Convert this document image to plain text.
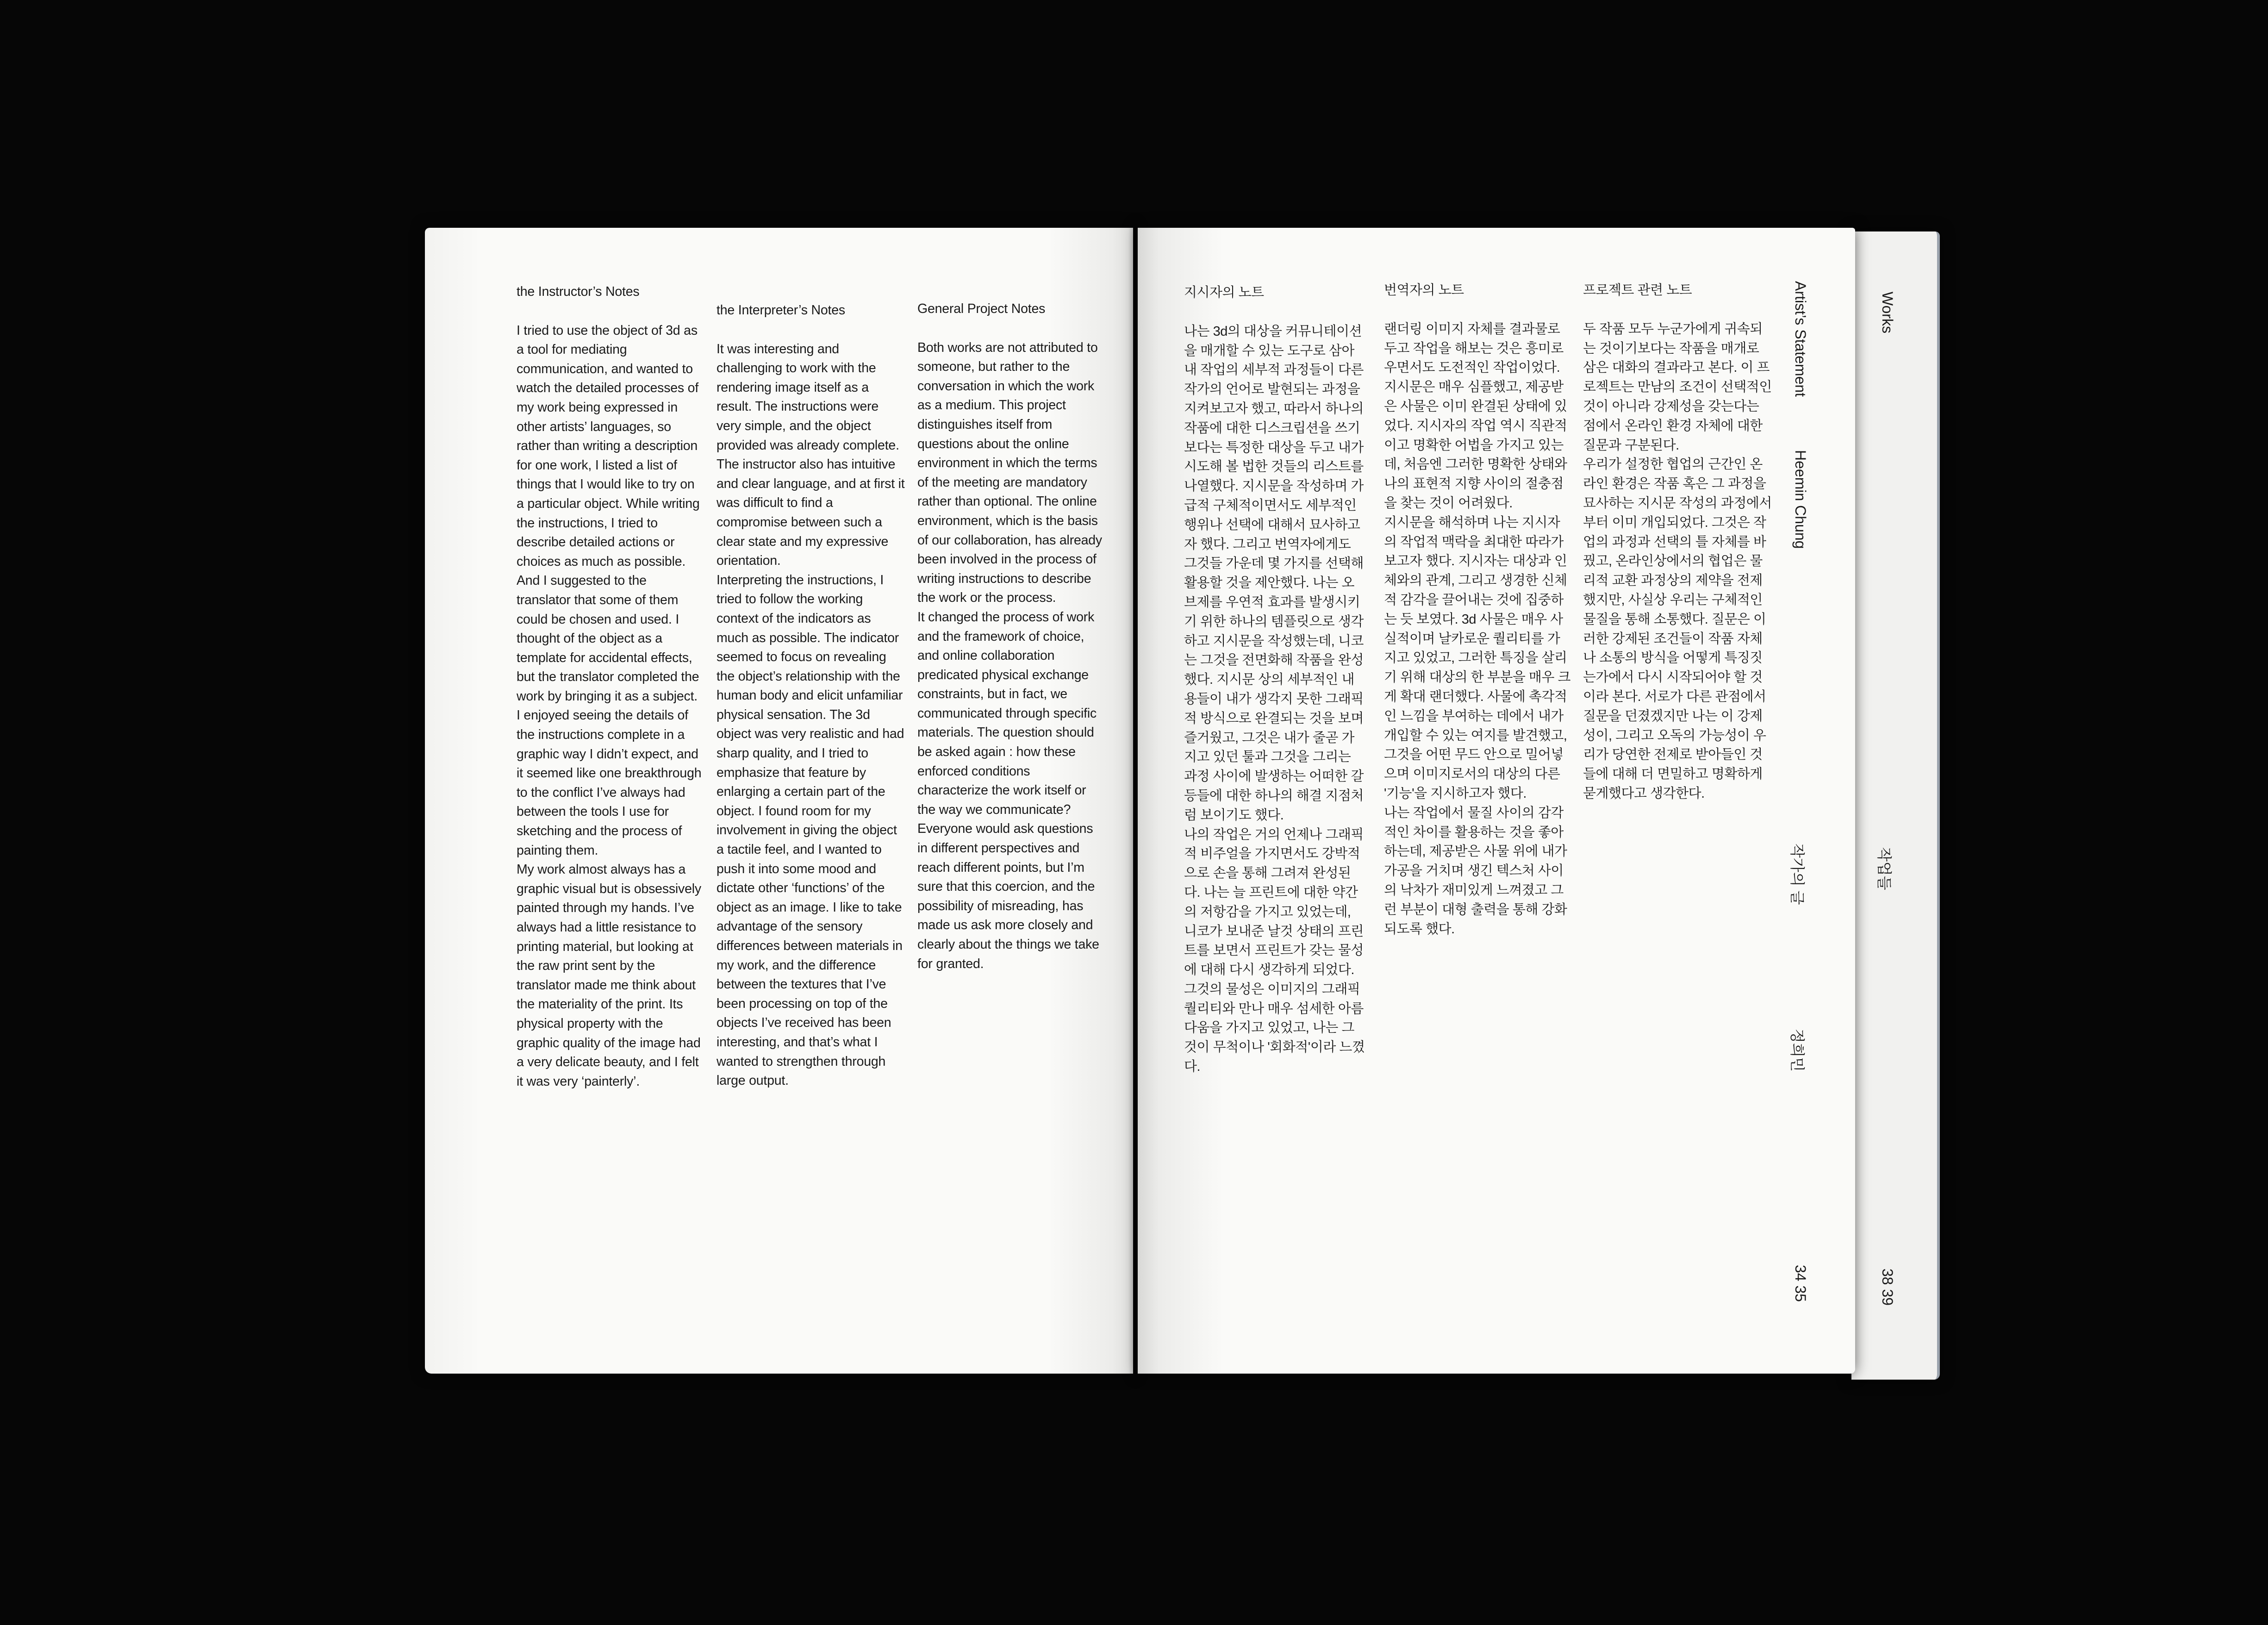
Works
작업들
38 39
the Instructor’s Notes

I tried to use the object of 3d as a tool for mediating communication, and wanted to watch the detailed processes of my work being expressed in other artists’ languages, so rather than writing a description for one work, I listed a list of things that I would like to try on a particular object. While writing the instructions, I tried to describe detailed actions or choices as much as possible. And I suggested to the translator that some of them could be chosen and used. I thought of the object as a template for accidental effects, but the translator completed the work by bringing it as a subject. I enjoyed seeing the details of the instructions complete in a graphic way I didn’t expect, and it seemed like one breakthrough to the conflict I’ve always had between the tools I use for sketching and the process of painting them.

My work almost always has a graphic visual but is obsessively painted through my hands. I’ve always had a little resistance to printing material, but looking at the raw print sent by the translator made me think about the materiality of the print. Its physical property with the graphic quality of the image had a very delicate beauty, and I felt it was very ‘painterly’.

the Interpreter’s Notes

It was interesting and challenging to work with the rendering image itself as a result. The instructions were very simple, and the object provided was already complete. The instructor also has intuitive and clear language, and at first it was difficult to find a compromise between such a clear state and my expressive orientation.

Interpreting the instructions, I tried to follow the working context of the indicators as much as possible. The indicator seemed to focus on revealing the object’s relationship with the human body and elicit unfamiliar physical sensation. The 3d object was very realistic and had sharp quality, and I tried to emphasize that feature by enlarging a certain part of the object. I found room for my involvement in giving the object a tactile feel, and I wanted to push it into some mood and dictate other ‘functions’ of the object as an image. I like to take advantage of the sensory differences between materials in my work, and the difference between the textures that I’ve been processing on top of the objects I’ve received has been interesting, and that’s what I wanted to strengthen through large output.

General Project Notes

Both works are not attributed to someone, but rather to the conversation in which the work as a medium. This project distinguishes itself from questions about the online environment in which the terms of the meeting are mandatory rather than optional. The online environment, which is the basis of our collaboration, has already been involved in the process of writing instructions to describe the work or the process.

It changed the process of work and the framework of choice, and online collaboration predicated physical exchange constraints, but in fact, we communicated through specific materials. The question should be asked again : how these enforced conditions characterize the work itself or the way we communicate? Everyone would ask questions in different perspectives and reach different points, but I’m sure that this coercion, and the possibility of misreading, has made us ask more closely and clearly about the things we take for granted.

지시자의 노트

나는 3d의 대상을 커뮤니테이션을 매개할 수 있는 도구로 삼아 내 작업의 세부적 과정들이 다른 작가의 언어로 발현되는 과정을 지켜보고자 했고, 따라서 하나의 작품에 대한 디스크립션을 쓰기 보다는 특정한 대상을 두고 내가 시도해 볼 법한 것들의 리스트를 나열했다. 지시문을 작성하며 가급적 구체적이면서도 세부적인 행위나 선택에 대해서 묘사하고자 했다. 그리고 번역자에게도 그것들 가운데 몇 가지를 선택해 활용할 것을 제안했다. 나는 오브제를 우연적 효과를 발생시키기 위한 하나의 템플릿으로 생각하고 지시문을 작성했는데, 니코는 그것을 전면화해 작품을 완성했다. 지시문 상의 세부적인 내용들이 내가 생각지 못한 그래픽적 방식으로 완결되는 것을 보며 즐거웠고, 그것은 내가 줄곧 가지고 있던 툴과 그것을 그리는 과정 사이에 발생하는 어떠한 갈등들에 대한 하나의 해결 지점처럼 보이기도 했다.

나의 작업은 거의 언제나 그래픽적 비주얼을 가지면서도 강박적으로 손을 통해 그려져 완성된다. 나는 늘 프린트에 대한 약간의 저항감을 가지고 있었는데, 니코가 보내준 날것 상태의 프린트를 보면서 프린트가 갖는 물성에 대해 다시 생각하게 되었다. 그것의 물성은 이미지의 그래픽 퀄리티와 만나 매우 섬세한 아름다움을 가지고 있었고, 나는 그것이 무척이나 '회화적'이라 느꼈다.

번역자의 노트

랜더링 이미지 자체를 결과물로 두고 작업을 해보는 것은 흥미로우면서도 도전적인 작업이었다. 지시문은 매우 심플했고, 제공받은 사물은 이미 완결된 상태에 있었다. 지시자의 작업 역시 직관적이고 명확한 어법을 가지고 있는데, 처음엔 그러한 명확한 상태와 나의 표현적 지향 사이의 절충점을 찾는 것이 어려웠다.

지시문을 해석하며 나는 지시자의 작업적 맥락을 최대한 따라가보고자 했다. 지시자는 대상과 인체와의 관계, 그리고 생경한 신체적 감각을 끌어내는 것에 집중하는 듯 보였다. 3d 사물은 매우 사실적이며 날카로운 퀄리티를 가지고 있었고, 그러한 특징을 살리기 위해 대상의 한 부분을 매우 크게 확대 랜더했다. 사물에 촉각적인 느낌을 부여하는 데에서 내가 개입할 수 있는 여지를 발견했고, 그것을 어떤 무드 안으로 밀어넣으며 이미지로서의 대상의 다른 '기능'을 지시하고자 했다.

나는 작업에서 물질 사이의 감각적인 차이를 활용하는 것을 좋아하는데, 제공받은 사물 위에 내가 가공을 거치며 생긴 텍스처 사이의 낙차가 재미있게 느껴졌고 그런 부분이 대형 출력을 통해 강화되도록 했다.

프로젝트 관련 노트

두 작품 모두 누군가에게 귀속되는 것이기보다는 작품을 매개로 삼은 대화의 결과라고 본다. 이 프로젝트는 만남의 조건이 선택적인 것이 아니라 강제성을 갖는다는 점에서 온라인 환경 자체에 대한 질문과 구분된다.

우리가 설정한 협업의 근간인 온라인 환경은 작품 혹은 그 과정을 묘사하는 지시문 작성의 과정에서부터 이미 개입되었다. 그것은 작업의 과정과 선택의 틀 자체를 바꿨고, 온라인상에서의 협업은 물리적 교환 과정상의 제약을 전제했지만, 사실상 우리는 구체적인 물질을 통해 소통했다. 질문은 이러한 강제된 조건들이 작품 자체나 소통의 방식을 어떻게 특징짓는가에서 다시 시작되어야 할 것이라 본다. 서로가 다른 관점에서 질문을 던졌겠지만 나는 이 강제성이, 그리고 오독의 가능성이 우리가 당연한 전제로 받아들인 것들에 대해 더 면밀하고 명확하게 묻게했다고 생각한다.

Artist’s Statement
Heemin Chung
작가의 글
정희민
34 35
